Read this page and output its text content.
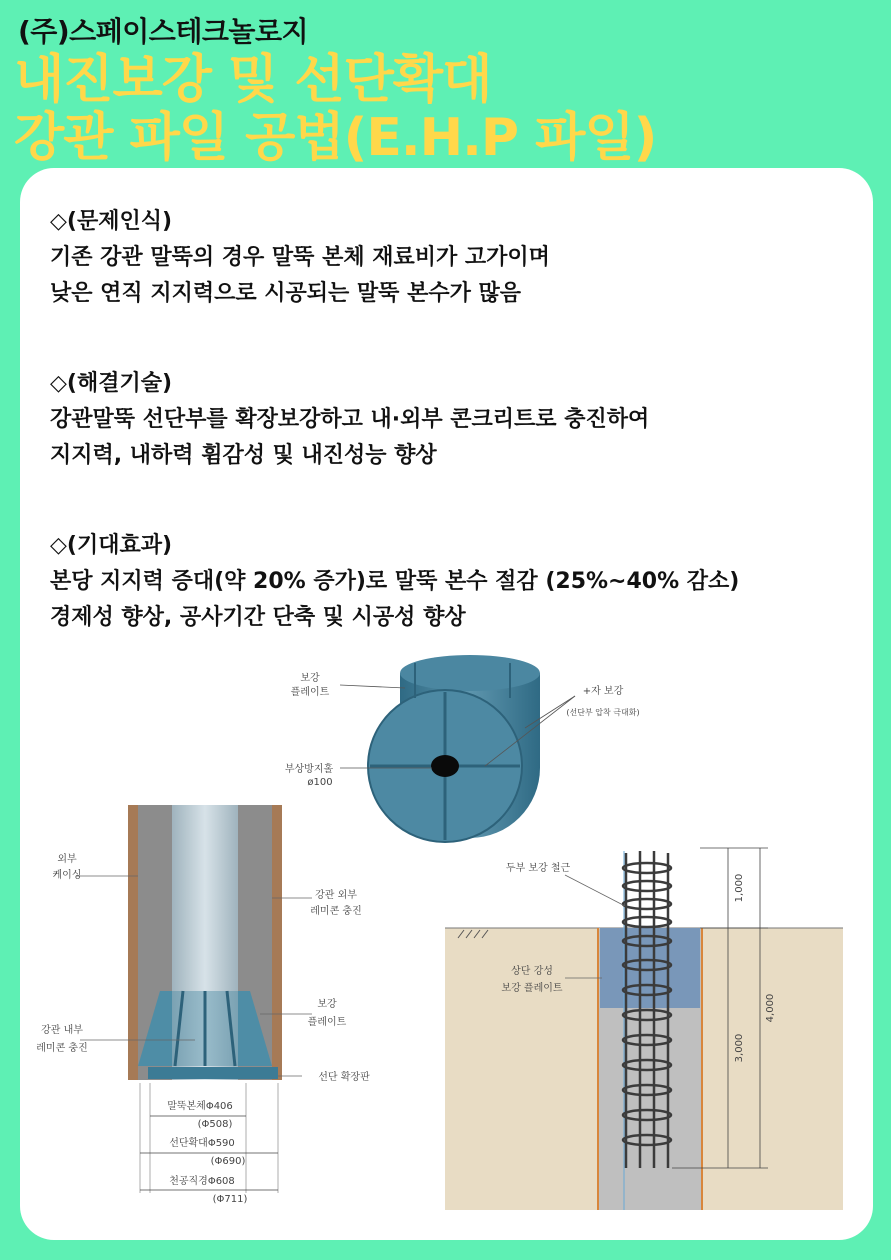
(주)스페이스테크놀로지
내진보강 및 선단확대
강관 파일 공법(E.H.P 파일)
◇(문제인식)
기존 강관 말뚝의 경우 말뚝 본체 재료비가 고가이며
낮은 연직 지지력으로 시공되는 말뚝 본수가 많음
◇(해결기술)
강관말뚝 선단부를 확장보강하고 내·외부 콘크리트로 충진하여
지지력, 내하력 휨감성 및 내진성능 향상
◇(기대효과)
본당 지지력 증대(약 20% 증가)로 말뚝 본수 절감 (25%~40% 감소)
경제성 향상, 공사기간 단축 및 시공성 향상
보강
플레이트	+자 보강
(선단부 압착 극대화)
부상방지홀
ø100
외부
케이싱
강관 외부
레미콘 충진
보강
플레이트
강관 내부
레미콘 충진
선단 확장판
말뚝본체Φ406
(Φ508)
선단확대Φ590
(Φ690)
천공직경Φ608
(Φ711)
두부 보강 철근
상단 강성
보강 플레이트
1,000
3,000
4,000
